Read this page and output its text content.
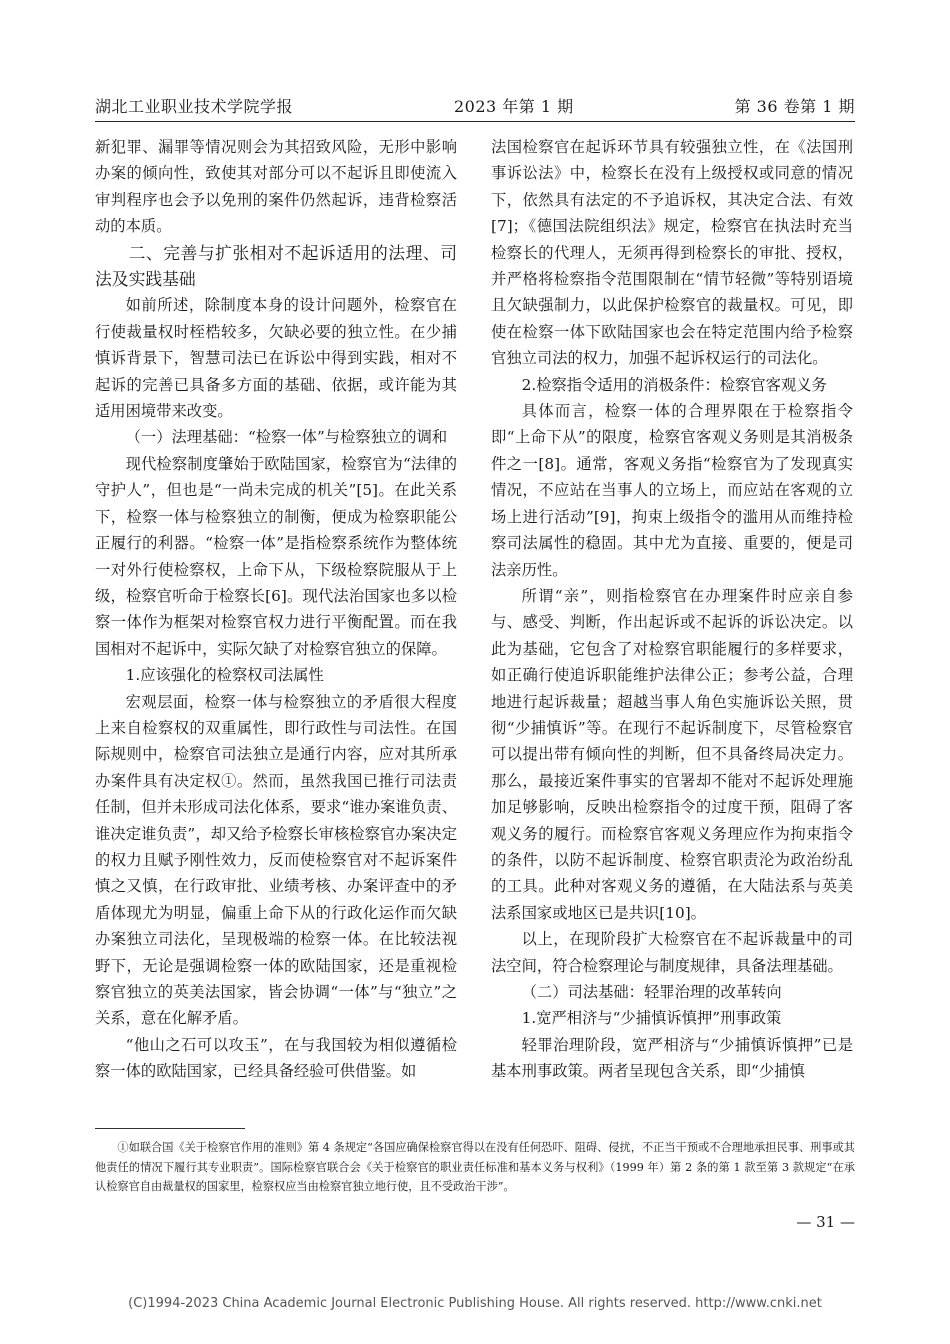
湖北工业职业技术学院学报	2023 年第 1 期	第 36 卷第 1 期

新犯罪、漏罪等情况则会为其招致风险，无形中影响办案的倾向性，致使其对部分可以不起诉且即使流入审判程序也会予以免刑的案件仍然起诉，违背检察活动的本质。

二、完善与扩张相对不起诉适用的法理、司法及实践基础

如前所述，除制度本身的设计问题外，检察官在行使裁量权时桎梏较多，欠缺必要的独立性。在少捕慎诉背景下，智慧司法已在诉讼中得到实践，相对不起诉的完善已具备多方面的基础、依据，或许能为其适用困境带来改变。

（一）法理基础：“检察一体”与检察独立的调和

现代检察制度肇始于欧陆国家，检察官为“法律的守护人”，但也是“一尚未完成的机关”[5]。在此关系下，检察一体与检察独立的制衡，便成为检察职能公正履行的利器。“检察一体”是指检察系统作为整体统一对外行使检察权，上命下从，下级检察院服从于上级，检察官听命于检察长[6]。现代法治国家也多以检察一体作为框架对检察官权力进行平衡配置。而在我国相对不起诉中，实际欠缺了对检察官独立的保障。

1.应该强化的检察权司法属性

宏观层面，检察一体与检察独立的矛盾很大程度上来自检察权的双重属性，即行政性与司法性。在国际规则中，检察官司法独立是通行内容，应对其所承办案件具有决定权①。然而，虽然我国已推行司法责任制，但并未形成司法化体系，要求“谁办案谁负责、谁决定谁负责”，却又给予检察长审核检察官办案决定的权力且赋予刚性效力，反而使检察官对不起诉案件慎之又慎，在行政审批、业绩考核、办案评查中的矛盾体现尤为明显，偏重上命下从的行政化运作而欠缺办案独立司法化，呈现极端的检察一体。在比较法视野下，无论是强调检察一体的欧陆国家，还是重视检察官独立的英美法国家，皆会协调“一体”与“独立”之关系，意在化解矛盾。

“他山之石可以攻玉”，在与我国较为相似遵循检察一体的欧陆国家，已经具备经验可供借鉴。如

法国检察官在起诉环节具有较强独立性，在《法国刑事诉讼法》中，检察长在没有上级授权或同意的情况下，依然具有法定的不予追诉权，其决定合法、有效[7]；《德国法院组织法》规定，检察官在执法时充当检察长的代理人，无须再得到检察长的审批、授权，并严格将检察指令范围限制在“情节轻微”等特别语境且欠缺强制力，以此保护检察官的裁量权。可见，即使在检察一体下欧陆国家也会在特定范围内给予检察官独立司法的权力，加强不起诉权运行的司法化。

2.检察指令适用的消极条件：检察官客观义务

具体而言，检察一体的合理界限在于检察指令即“上命下从”的限度，检察官客观义务则是其消极条件之一[8]。通常，客观义务指“检察官为了发现真实情况，不应站在当事人的立场上，而应站在客观的立场上进行活动”[9]，拘束上级指令的滥用从而维持检察司法属性的稳固。其中尤为直接、重要的，便是司法亲历性。

所谓“亲”，则指检察官在办理案件时应亲自参与、感受、判断，作出起诉或不起诉的诉讼决定。以此为基础，它包含了对检察官职能履行的多样要求，如正确行使追诉职能维护法律公正；参考公益，合理地进行起诉裁量；超越当事人角色实施诉讼关照，贯彻“少捕慎诉”等。在现行不起诉制度下，尽管检察官可以提出带有倾向性的判断，但不具备终局决定力。那么，最接近案件事实的官署却不能对不起诉处理施加足够影响，反映出检察指令的过度干预，阻碍了客观义务的履行。而检察官客观义务理应作为拘束指令的条件，以防不起诉制度、检察官职责沦为政治纷乱的工具。此种对客观义务的遵循，在大陆法系与英美法系国家或地区已是共识[10]。

以上，在现阶段扩大检察官在不起诉裁量中的司法空间，符合检察理论与制度规律，具备法理基础。

（二）司法基础：轻罪治理的改革转向
1.宽严相济与“少捕慎诉慎押”刑事政策

轻罪治理阶段，宽严相济与“少捕慎诉慎押”已是基本刑事政策。两者呈现包含关系，即“少捕慎

①如联合国《关于检察官作用的准则》第 4 条规定“各国应确保检察官得以在没有任何恐吓、阻碍、侵扰，不正当干预或不合理地承担民事、刑事或其他责任的情况下履行其专业职责”。国际检察官联合会《关于检察官的职业责任标准和基本义务与权利》（1999 年）第 2 条的第 1 款至第 3 款规定“在承认检察官自由裁量权的国家里，检察权应当由检察官独立地行使，且不受政治干涉”。
— 31 —
(C)1994-2023 China Academic Journal Electronic Publishing House. All rights reserved. http://www.cnki.net
